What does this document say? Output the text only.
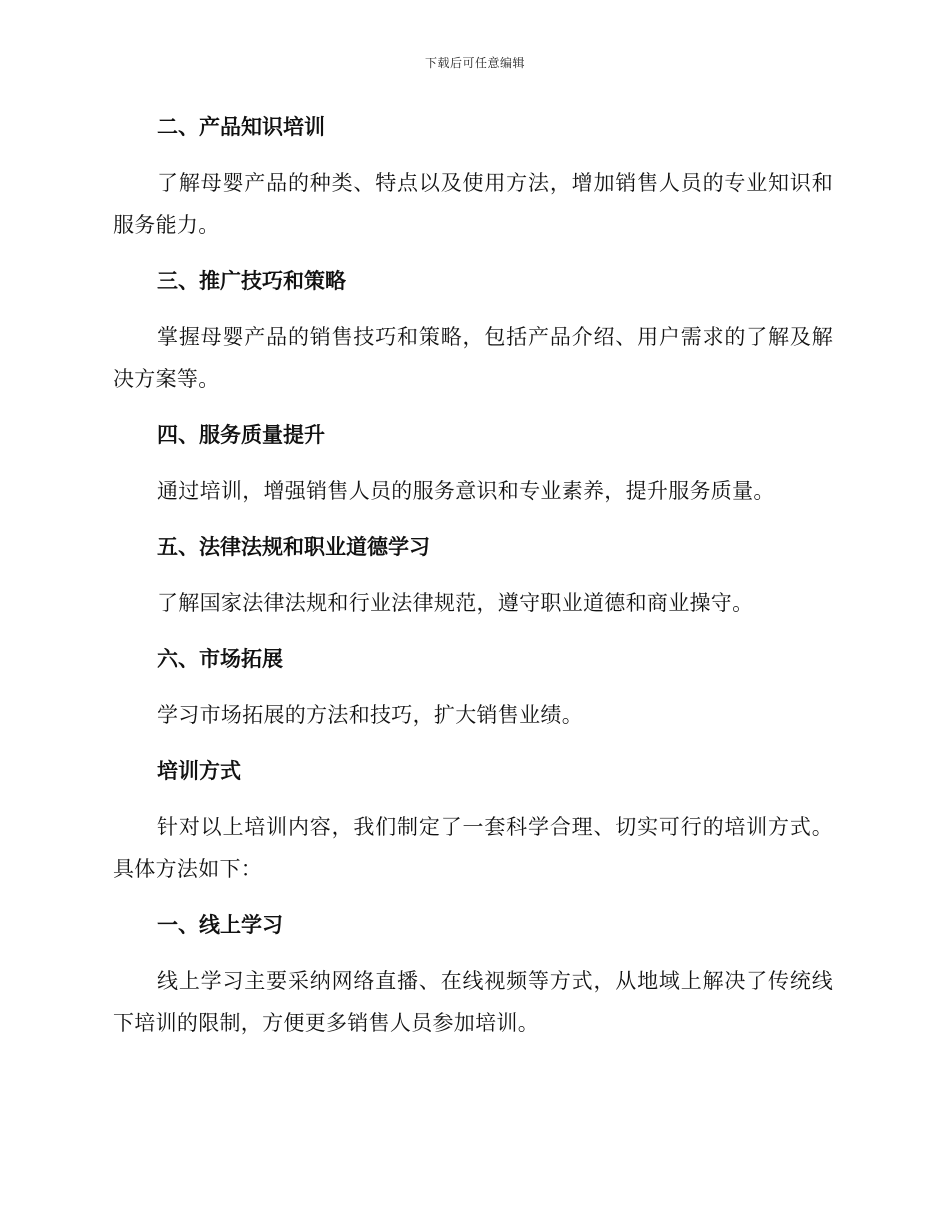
下载后可任意编辑
二、产品知识培训

了解母婴产品的种类、特点以及使用方法，增加销售人员的专业知识和服务能力。

三、推广技巧和策略

掌握母婴产品的销售技巧和策略，包括产品介绍、用户需求的了解及解决方案等。

四、服务质量提升

通过培训，增强销售人员的服务意识和专业素养，提升服务质量。

五、法律法规和职业道德学习

了解国家法律法规和行业法律规范，遵守职业道德和商业操守。

六、市场拓展

学习市场拓展的方法和技巧，扩大销售业绩。

培训方式

针对以上培训内容，我们制定了一套科学合理、切实可行的培训方式。具体方法如下：

一、线上学习

线上学习主要采纳网络直播、在线视频等方式，从地域上解决了传统线下培训的限制，方便更多销售人员参加培训。
